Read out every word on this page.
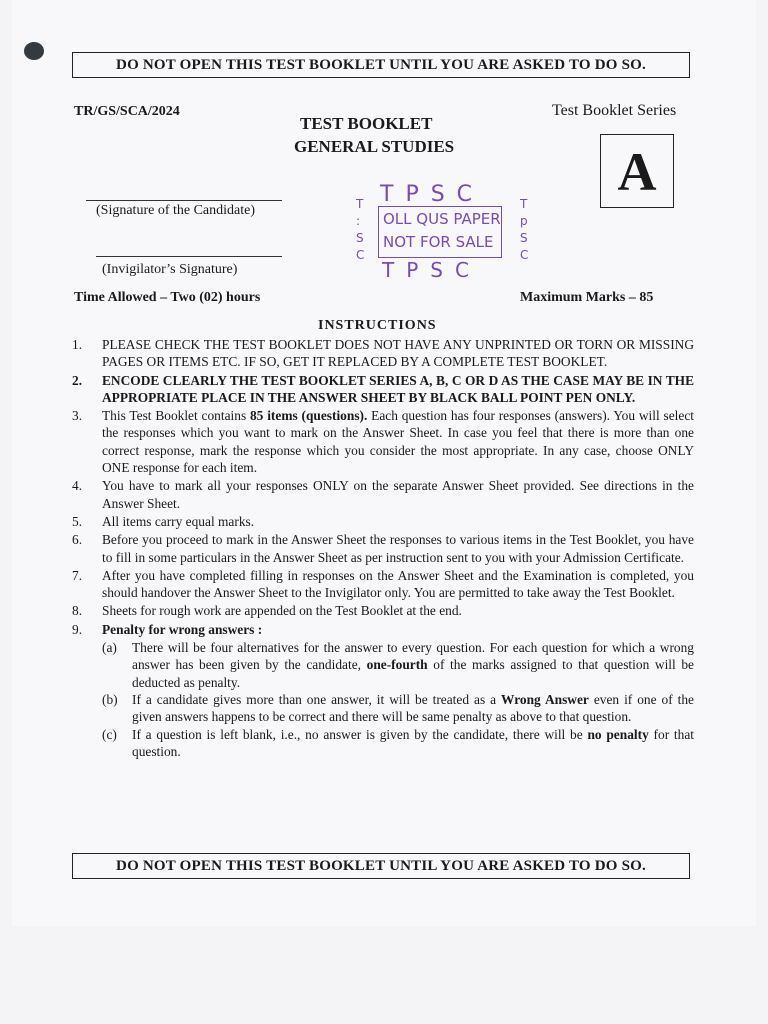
DO NOT OPEN THIS TEST BOOKLET UNTIL YOU ARE ASKED TO DO SO.
TR/GS/SCA/2024
TEST BOOKLET
GENERAL STUDIES
Test Booklet Series
A
(Signature of the Candidate)
(Invigilator’s Signature)
TPSC
T
:
S
C
OLL QUS PAPER
NOT FOR SALE
T
p
S
C
TPSC
Time Allowed – Two (02) hours	Maximum Marks – 85
INSTRUCTIONS
1.	PLEASE CHECK THE TEST BOOKLET DOES NOT HAVE ANY UNPRINTED OR TORN OR MISSING PAGES OR ITEMS ETC. IF SO, GET IT REPLACED BY A COMPLETE TEST BOOKLET.
2.	ENCODE CLEARLY THE TEST BOOKLET SERIES A, B, C OR D AS THE CASE MAY BE IN THE APPROPRIATE PLACE IN THE ANSWER SHEET BY BLACK BALL POINT PEN ONLY.
3.	This Test Booklet contains 85 items (questions). Each question has four responses (answers). You will select the responses which you want to mark on the Answer Sheet. In case you feel that there is more than one correct response, mark the response which you consider the most appropriate. In any case, choose ONLY ONE response for each item.
4.	You have to mark all your responses ONLY on the separate Answer Sheet provided. See directions in the Answer Sheet.
5.	All items carry equal marks.
6.	Before you proceed to mark in the Answer Sheet the responses to various items in the Test Booklet, you have to fill in some particulars in the Answer Sheet as per instruction sent to you with your Admission Certificate.
7.	After you have completed filling in responses on the Answer Sheet and the Examination is completed, you should handover the Answer Sheet to the Invigilator only. You are permitted to take away the Test Booklet.
8.	Sheets for rough work are appended on the Test Booklet at the end.
9.	Penalty for wrong answers :
(a)	There will be four alternatives for the answer to every question. For each question for which a wrong answer has been given by the candidate, one-fourth of the marks assigned to that question will be deducted as penalty.
(b)	If a candidate gives more than one answer, it will be treated as a Wrong Answer even if one of the given answers happens to be correct and there will be same penalty as above to that question.
(c)	If a question is left blank, i.e., no answer is given by the candidate, there will be no penalty for that question.
DO NOT OPEN THIS TEST BOOKLET UNTIL YOU ARE ASKED TO DO SO.
